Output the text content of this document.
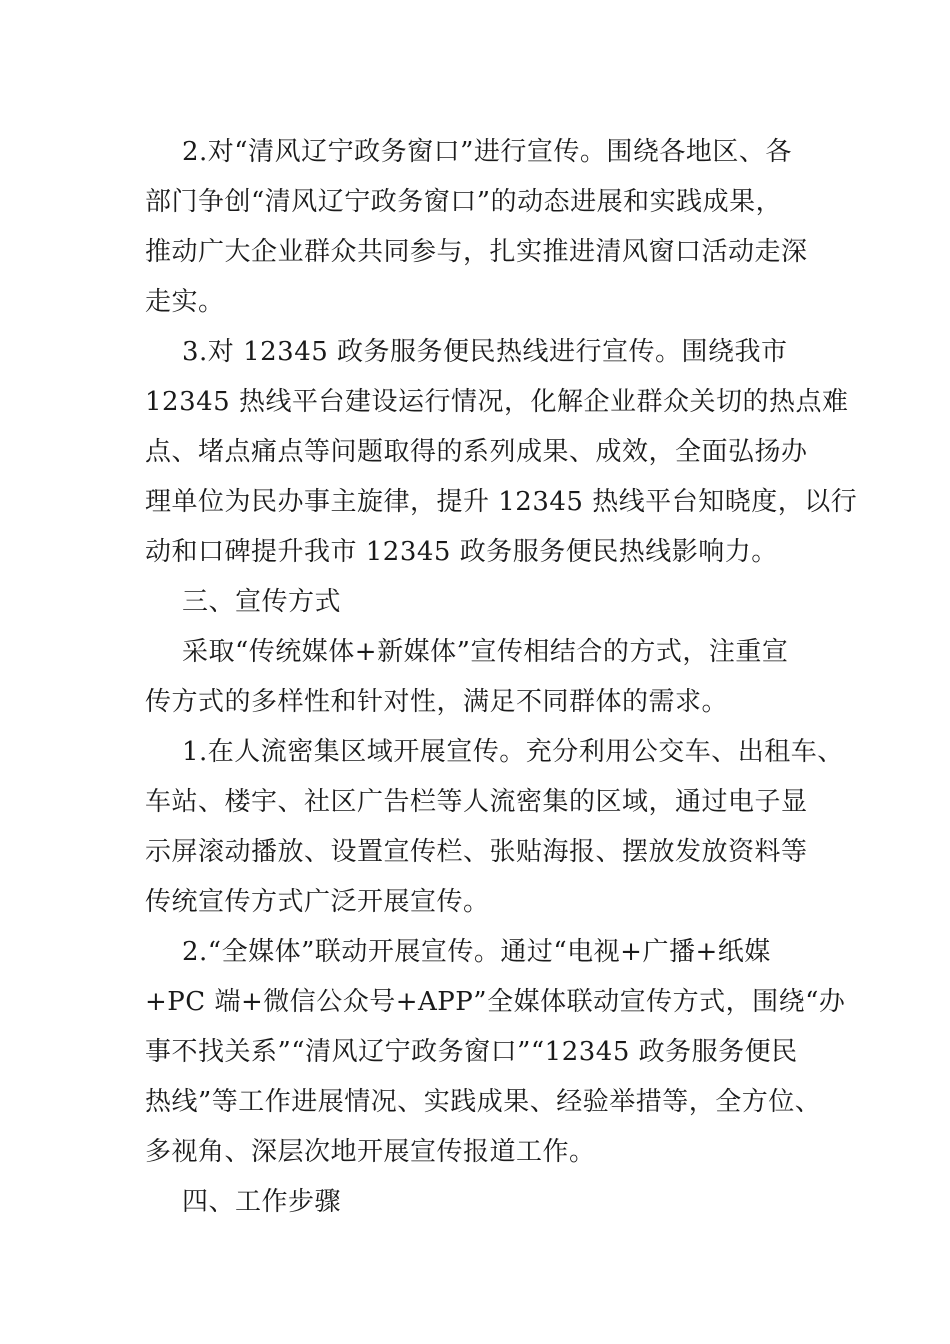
2.对“清风辽宁政务窗口”进行宣传。围绕各地区、各
部门争创“清风辽宁政务窗口”的动态进展和实践成果，
推动广大企业群众共同参与，扎实推进清风窗口活动走深
走实。
3.对 12345 政务服务便民热线进行宣传。围绕我市
12345 热线平台建设运行情况，化解企业群众关切的热点难
点、堵点痛点等问题取得的系列成果、成效，全面弘扬办
理单位为民办事主旋律，提升 12345 热线平台知晓度，以行
动和口碑提升我市 12345 政务服务便民热线影响力。
三、宣传方式
采取“传统媒体+新媒体”宣传相结合的方式，注重宣
传方式的多样性和针对性，满足不同群体的需求。
1.在人流密集区域开展宣传。充分利用公交车、出租车、
车站、楼宇、社区广告栏等人流密集的区域，通过电子显
示屏滚动播放、设置宣传栏、张贴海报、摆放发放资料等
传统宣传方式广泛开展宣传。
2.“全媒体”联动开展宣传。通过“电视+广播+纸媒
+PC 端+微信公众号+APP”全媒体联动宣传方式，围绕“办
事不找关系”“清风辽宁政务窗口”“12345 政务服务便民
热线”等工作进展情况、实践成果、经验举措等，全方位、
多视角、深层次地开展宣传报道工作。
四、工作步骤
